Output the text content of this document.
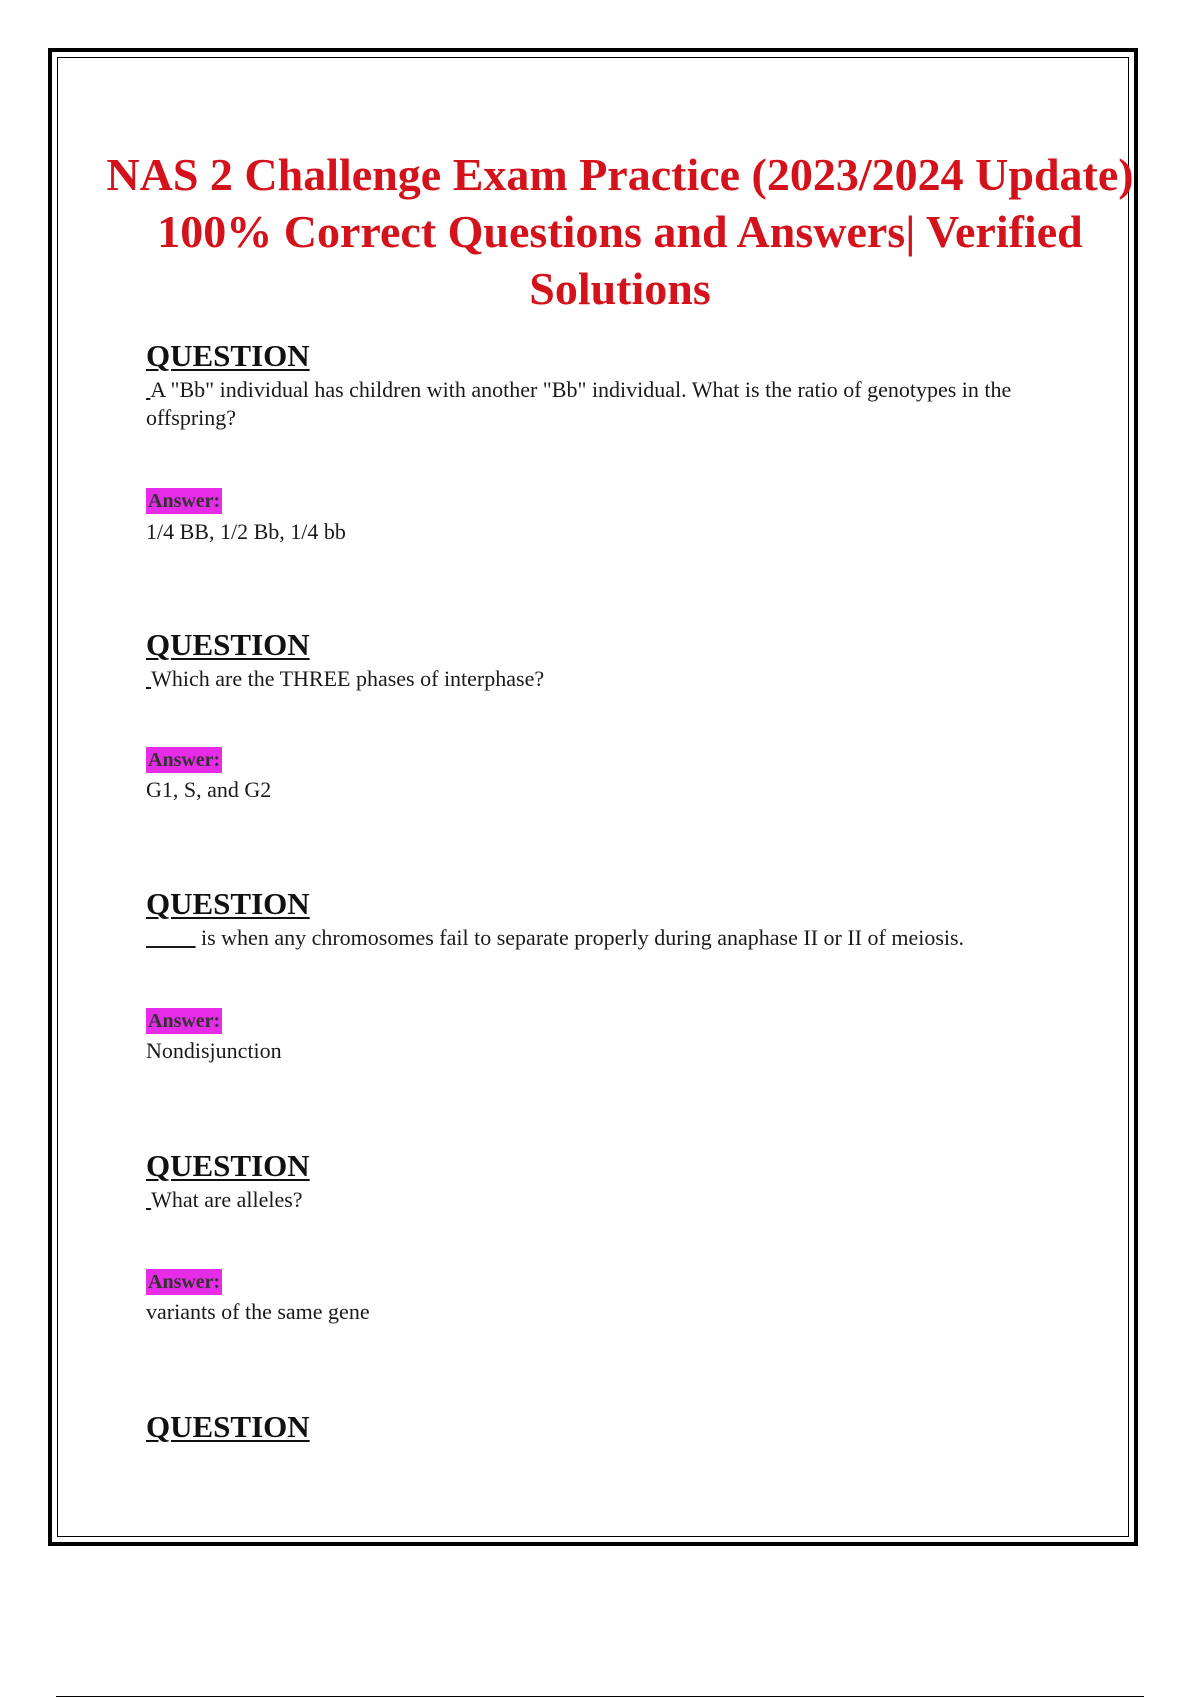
NAS 2 Challenge Exam Practice (2023/2024 Update) 100% Correct Questions and Answers| Verified Solutions
QUESTION

A "Bb" individual has children with another "Bb" individual. What is the ratio of genotypes in the offspring?

Answer:
1/4 BB, 1/2 Bb, 1/4 bb
QUESTION

Which are the THREE phases of interphase?

Answer:
G1, S, and G2
QUESTION

____ is when any chromosomes fail to separate properly during anaphase II or II of meiosis.

Answer:
Nondisjunction
QUESTION

What are alleles?

Answer:
variants of the same gene
QUESTION
